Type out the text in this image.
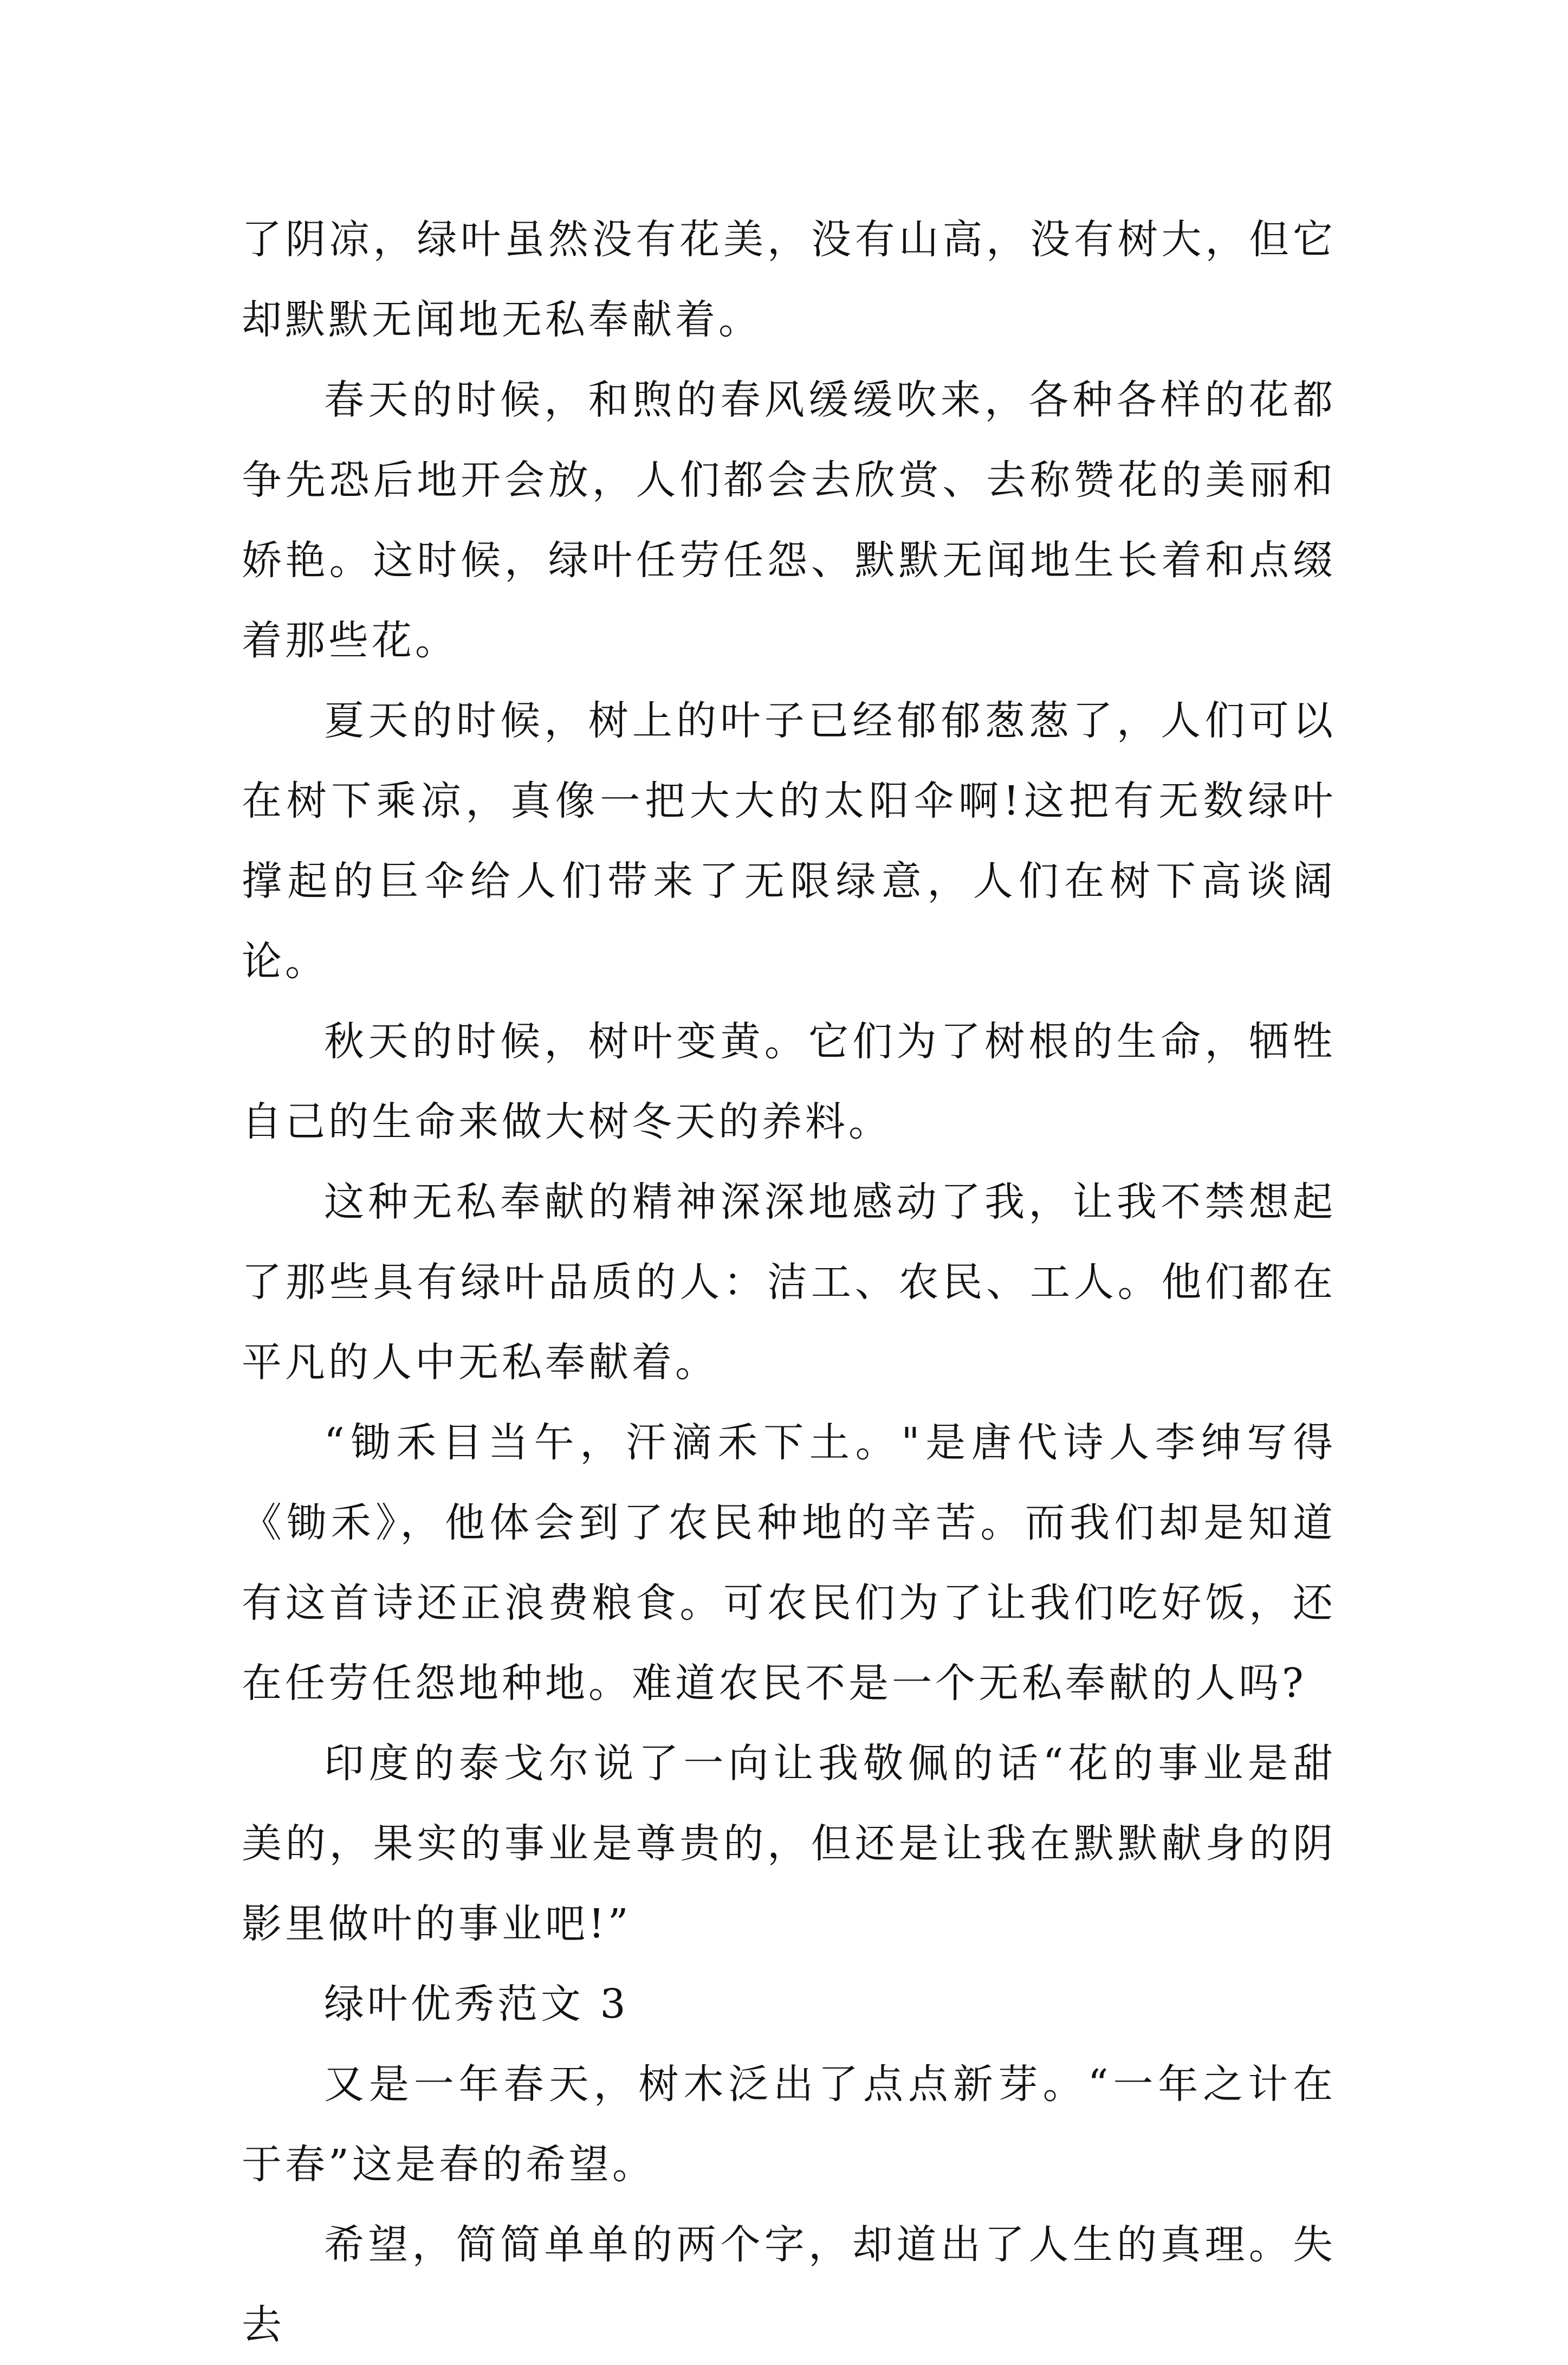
了阴凉，绿叶虽然没有花美，没有山高，没有树大，但它却默默无闻地无私奉献着。

春天的时候，和煦的春风缓缓吹来，各种各样的花都争先恐后地开会放，人们都会去欣赏、去称赞花的美丽和娇艳。这时候，绿叶任劳任怨、默默无闻地生长着和点缀着那些花。

夏天的时候，树上的叶子已经郁郁葱葱了，人们可以在树下乘凉，真像一把大大的太阳伞啊!这把有无数绿叶撑起的巨伞给人们带来了无限绿意，人们在树下高谈阔论。

秋天的时候，树叶变黄。它们为了树根的生命，牺牲自己的生命来做大树冬天的养料。

这种无私奉献的精神深深地感动了我，让我不禁想起了那些具有绿叶品质的人：洁工、农民、工人。他们都在平凡的人中无私奉献着。

“锄禾目当午，汗滴禾下土。"是唐代诗人李绅写得《锄禾》，他体会到了农民种地的辛苦。而我们却是知道有这首诗还正浪费粮食。可农民们为了让我们吃好饭，还在任劳任怨地种地。难道农民不是一个无私奉献的人吗?

印度的泰戈尔说了一向让我敬佩的话“花的事业是甜美的，果实的事业是尊贵的，但还是让我在默默献身的阴影里做叶的事业吧!”

绿叶优秀范文 3

又是一年春天，树木泛出了点点新芽。“一年之计在于春”这是春的希望。

希望，简简单单的两个字，却道出了人生的真理。失去
